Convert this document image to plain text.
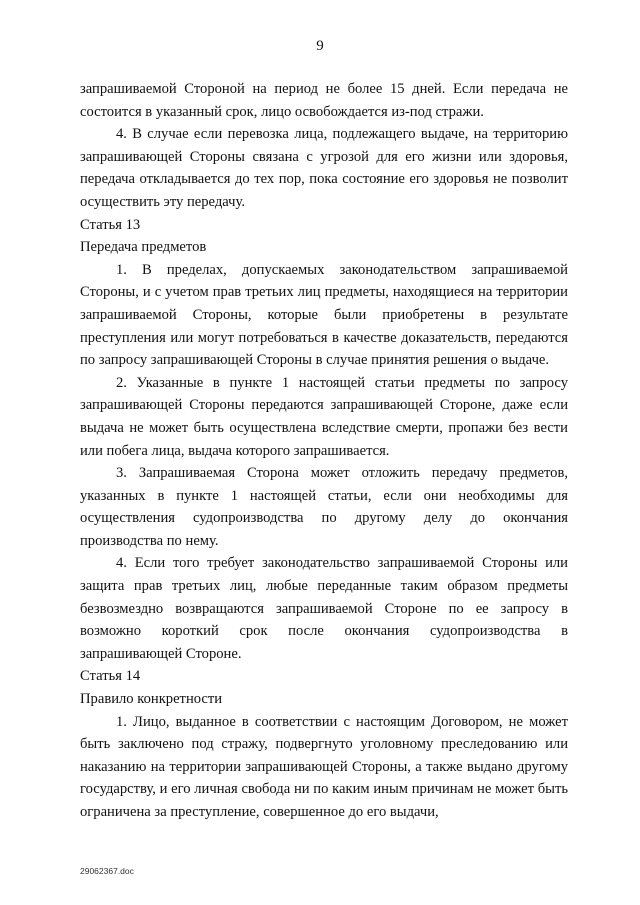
9

запрашиваемой Стороной на период не более 15 дней. Если передача не состоится в указанный срок, лицо освобождается из-под стражи.

4. В случае если перевозка лица, подлежащего выдаче, на территорию запрашивающей Стороны связана с угрозой для его жизни или здоровья, передача откладывается до тех пор, пока состояние его здоровья не позволит осуществить эту передачу.

Статья 13

Передача предметов

1. В пределах, допускаемых законодательством запрашиваемой Стороны, и с учетом прав третьих лиц предметы, находящиеся на территории запрашиваемой Стороны, которые были приобретены в результате преступления или могут потребоваться в качестве доказательств, передаются по запросу запрашивающей Стороны в случае принятия решения о выдаче.

2. Указанные в пункте 1 настоящей статьи предметы по запросу запрашивающей Стороны передаются запрашивающей Стороне, даже если выдача не может быть осуществлена вследствие смерти, пропажи без вести или побега лица, выдача которого запрашивается.

3. Запрашиваемая Сторона может отложить передачу предметов, указанных в пункте 1 настоящей статьи, если они необходимы для осуществления судопроизводства по другому делу до окончания производства по нему.

4. Если того требует законодательство запрашиваемой Стороны или защита прав третьих лиц, любые переданные таким образом предметы безвозмездно возвращаются запрашиваемой Стороне по ее запросу в возможно короткий срок после окончания судопроизводства в запрашивающей Стороне.

Статья 14

Правило конкретности

1. Лицо, выданное в соответствии с настоящим Договором, не может быть заключено под стражу, подвергнуто уголовному преследованию или наказанию на территории запрашивающей Стороны, а также выдано другому государству, и его личная свобода ни по каким иным причинам не может быть ограничена за преступление, совершенное до его выдачи,

29062367.doc
